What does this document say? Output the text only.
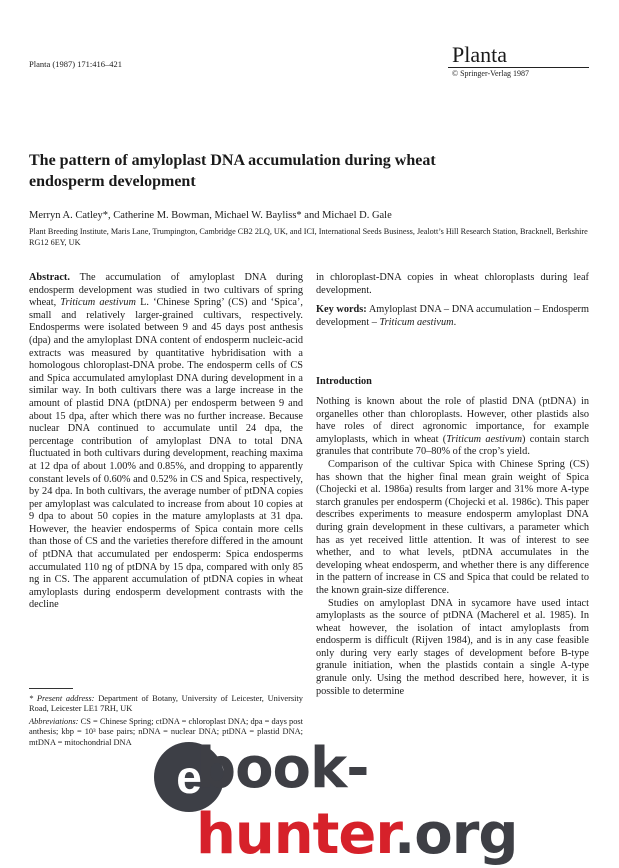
Planta (1987) 171:416–421	Planta
© Springer-Verlag 1987
The pattern of amyloplast DNA accumulation during wheat endosperm development
Merryn A. Catley*, Catherine M. Bowman, Michael W. Bayliss* and Michael D. Gale
Plant Breeding Institute, Maris Lane, Trumpington, Cambridge CB2 2LQ, UK, and ICI, International Seeds Business, Jealott’s Hill Research Station, Bracknell, Berkshire RG12 6EY, UK

Abstract. The accumulation of amyloplast DNA during endosperm development was studied in two cultivars of spring wheat, Triticum aestivum L. ‘Chinese Spring’ (CS) and ‘Spica’, small and relatively larger-grained cultivars, respectively. Endosperms were isolated between 9 and 45 days post anthesis (dpa) and the amyloplast DNA content of endosperm nucleic-acid extracts was measured by quantitative hybridisation with a homologous chloroplast-DNA probe. The endosperm cells of CS and Spica accumulated amyloplast DNA during development in a similar way. In both cultivars there was a large increase in the amount of plastid DNA (ptDNA) per endosperm between 9 and about 15 dpa, after which there was no further increase. Because nuclear DNA continued to accumulate until 24 dpa, the percentage contribution of amyloplast DNA to total DNA fluctuated in both cultivars during development, reaching maxima at 12 dpa of about 1.00% and 0.85%, and dropping to apparently constant levels of 0.60% and 0.52% in CS and Spica, respectively, by 24 dpa. In both cultivars, the average number of ptDNA copies per amyloplast was calculated to increase from about 10 copies at 9 dpa to about 50 copies in the mature amyloplasts at 31 dpa. However, the heavier endosperms of Spica contain more cells than those of CS and the varieties therefore differed in the amount of ptDNA that accumulated per endosperm: Spica endosperms accumulated 110 ng of ptDNA by 15 dpa, compared with only 85 ng in CS. The apparent accumulation of ptDNA copies in wheat amyloplasts during endosperm development contrasts with the decline

in chloroplast-DNA copies in wheat chloroplasts during leaf development.

Key words: Amyloplast DNA – DNA accumulation – Endosperm development – Triticum aestivum.

Introduction

Nothing is known about the role of plastid DNA (ptDNA) in organelles other than chloroplasts. However, other plastids also have roles of direct agronomic importance, for example amyloplasts, which in wheat (Triticum aestivum) contain starch granules that contribute 70–80% of the crop’s yield.

Comparison of the cultivar Spica with Chinese Spring (CS) has shown that the higher final mean grain weight of Spica (Chojecki et al. 1986a) results from larger and 31% more A-type starch granules per endosperm (Chojecki et al. 1986c). This paper describes experiments to measure endosperm amyloplast DNA during grain development in these cultivars, a parameter which has as yet received little attention. It was of interest to see whether, and to what levels, ptDNA accumulates in the developing wheat endosperm, and whether there is any difference in the pattern of increase in CS and Spica that could be related to the known grain-size difference.

Studies on amyloplast DNA in sycamore have used intact amyloplasts as the source of ptDNA (Macherel et al. 1985). In wheat however, the isolation of intact amyloplasts from endosperm is difficult (Rijven 1984), and is in any case feasible only during very early stages of development before B-type granule initiation, when the plastids contain a single A-type granule only. Using the method described here, however, it is possible to determine

* Present address: Department of Botany, University of Leicester, University Road, Leicester LE1 7RH, UK

Abbreviations: CS = Chinese Spring; ctDNA = chloroplast DNA; dpa = days post anthesis; kbp = 10³ base pairs; nDNA = nuclear DNA; ptDNA = plastid DNA; mtDNA = mitochondrial DNA

e
book-hunter.org
